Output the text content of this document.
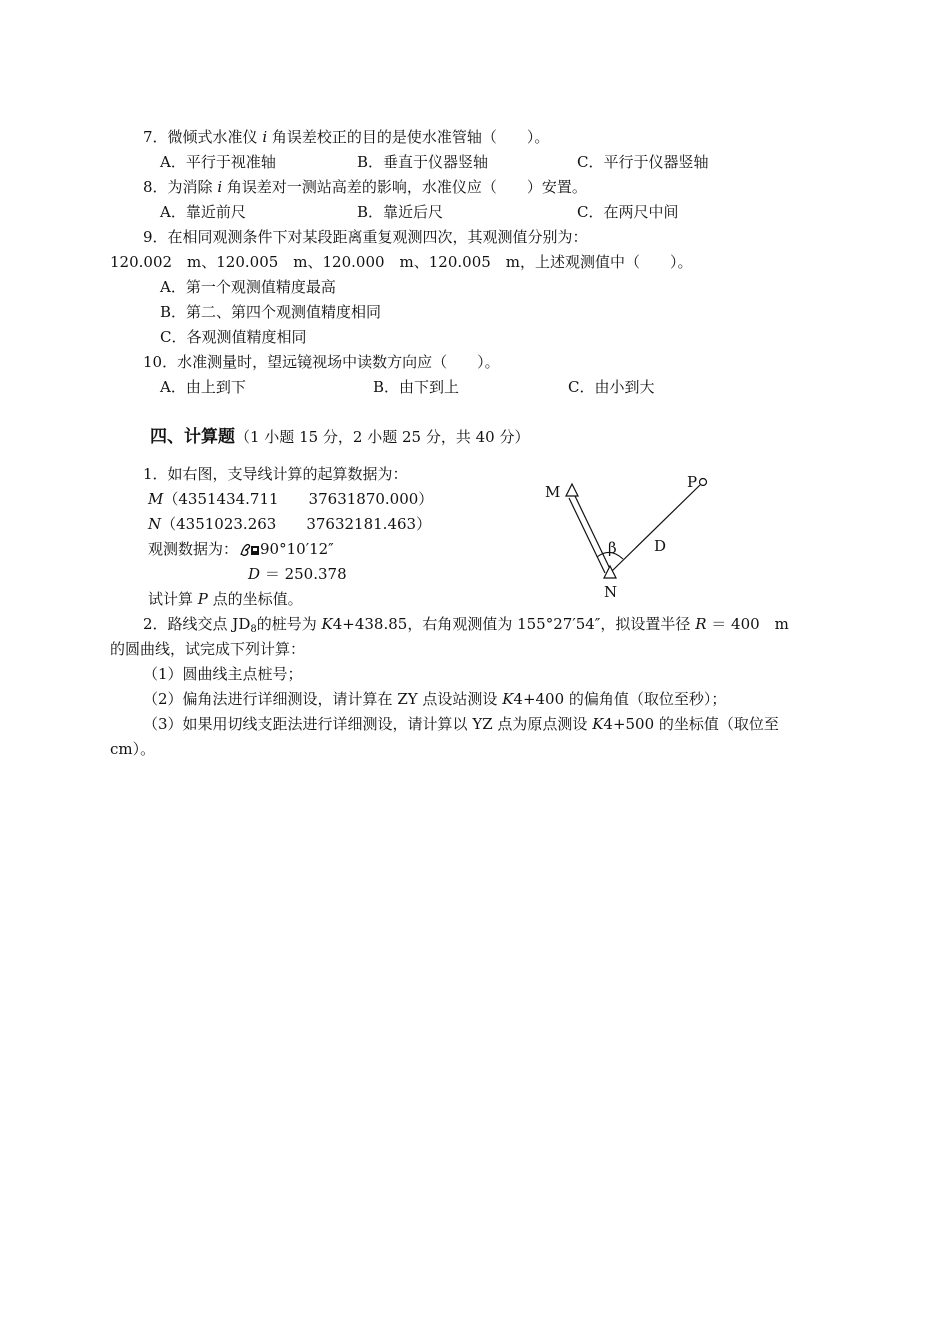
7．微倾式水准仪 i 角误差校正的目的是使水准管轴（　　）。
A．平行于视准轴	B．垂直于仪器竖轴	C．平行于仪器竖轴
8．为消除 i 角误差对一测站高差的影响，水准仪应（　　）安置。
A．靠近前尺	B．靠近后尺	C．在两尺中间
9．在相同观测条件下对某段距离重复观测四次，其观测值分别为：
120.002　m、120.005　m、120.000　m、120.005　m，上述观测值中（　　）。
A．第一个观测值精度最高
B．第二、第四个观测值精度相同
C．各观测值精度相同
10．水准测量时，望远镜视场中读数方向应（　　）。
A．由上到下	B．由下到上	C．由小到大
四、计算题（1 小题 15 分，2 小题 25 分，共 40 分）
1．如右图，支导线计算的起算数据为：
M（4351434.711　　37631870.000）
N（4351023.263　　37632181.463）
观测数据为： 90°10′12″
D ＝ 250.378
试计算 P 点的坐标值。
M
N
P
β D
2．路线交点 $JD_8$的桩号为 K4+438.85，右角观测值为 155°27′54″，拟设置半径 R ＝ 400　m
的圆曲线，试完成下列计算：
（1）圆曲线主点桩号；
（2）偏角法进行详细测设，请计算在 ZY 点设站测设 K4+400 的偏角值（取位至秒）；
（3）如果用切线支距法进行详细测设，请计算以 YZ 点为原点测设 K4+500 的坐标值（取位至
cm）。
